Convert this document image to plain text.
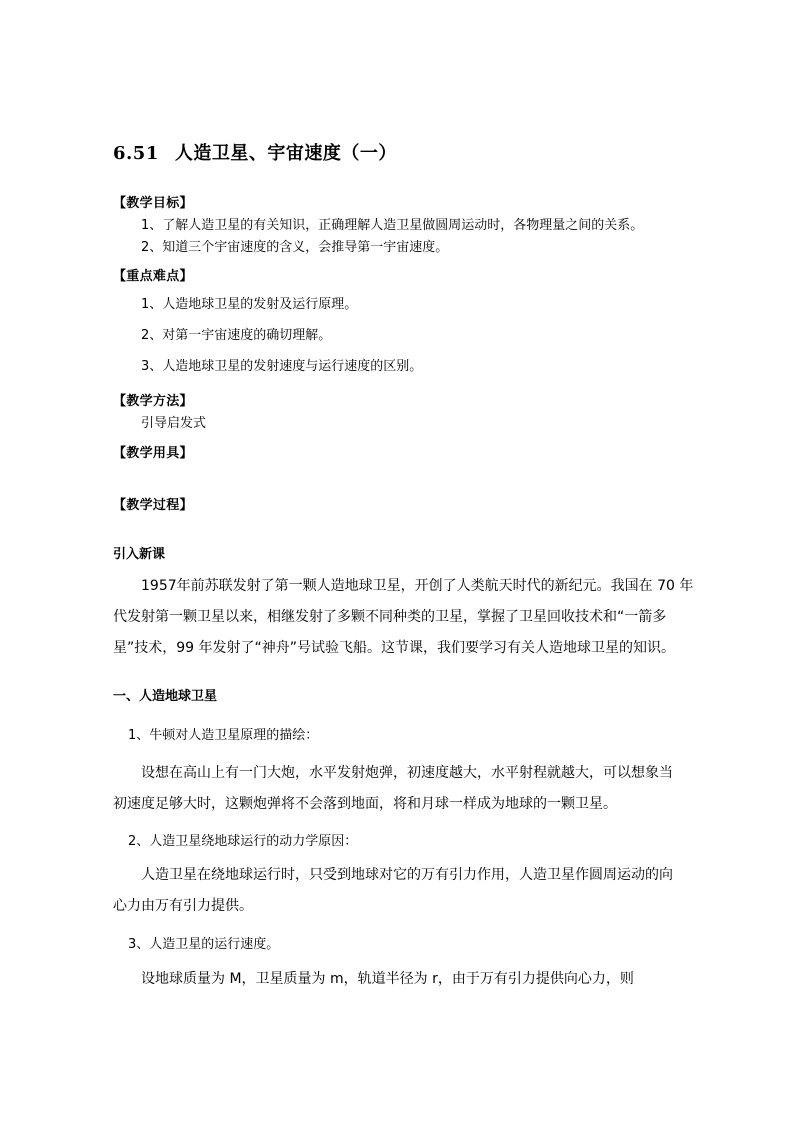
6.51 人造卫星、宇宙速度（一）
【教学目标】
1、了解人造卫星的有关知识，正确理解人造卫星做圆周运动时，各物理量之间的关系。
2、知道三个宇宙速度的含义，会推导第一宇宙速度。
【重点难点】
1、人造地球卫星的发射及运行原理。
2、对第一宇宙速度的确切理解。
3、人造地球卫星的发射速度与运行速度的区别。
【教学方法】
引导启发式
【教学用具】
【教学过程】
引入新课
1957年前苏联发射了第一颗人造地球卫星，开创了人类航天时代的新纪元。我国在 70 年
代发射第一颗卫星以来，相继发射了多颗不同种类的卫星，掌握了卫星回收技术和“一箭多
星”技术，99 年发射了“神舟”号试验飞船。这节课，我们要学习有关人造地球卫星的知识。
一、人造地球卫星
1、牛顿对人造卫星原理的描绘：
设想在高山上有一门大炮，水平发射炮弹，初速度越大，水平射程就越大，可以想象当
初速度足够大时，这颗炮弹将不会落到地面，将和月球一样成为地球的一颗卫星。
2、人造卫星绕地球运行的动力学原因：
人造卫星在绕地球运行时，只受到地球对它的万有引力作用，人造卫星作圆周运动的向
心力由万有引力提供。
3、人造卫星的运行速度。
设地球质量为 M，卫星质量为 m，轨道半径为 r，由于万有引力提供向心力，则
